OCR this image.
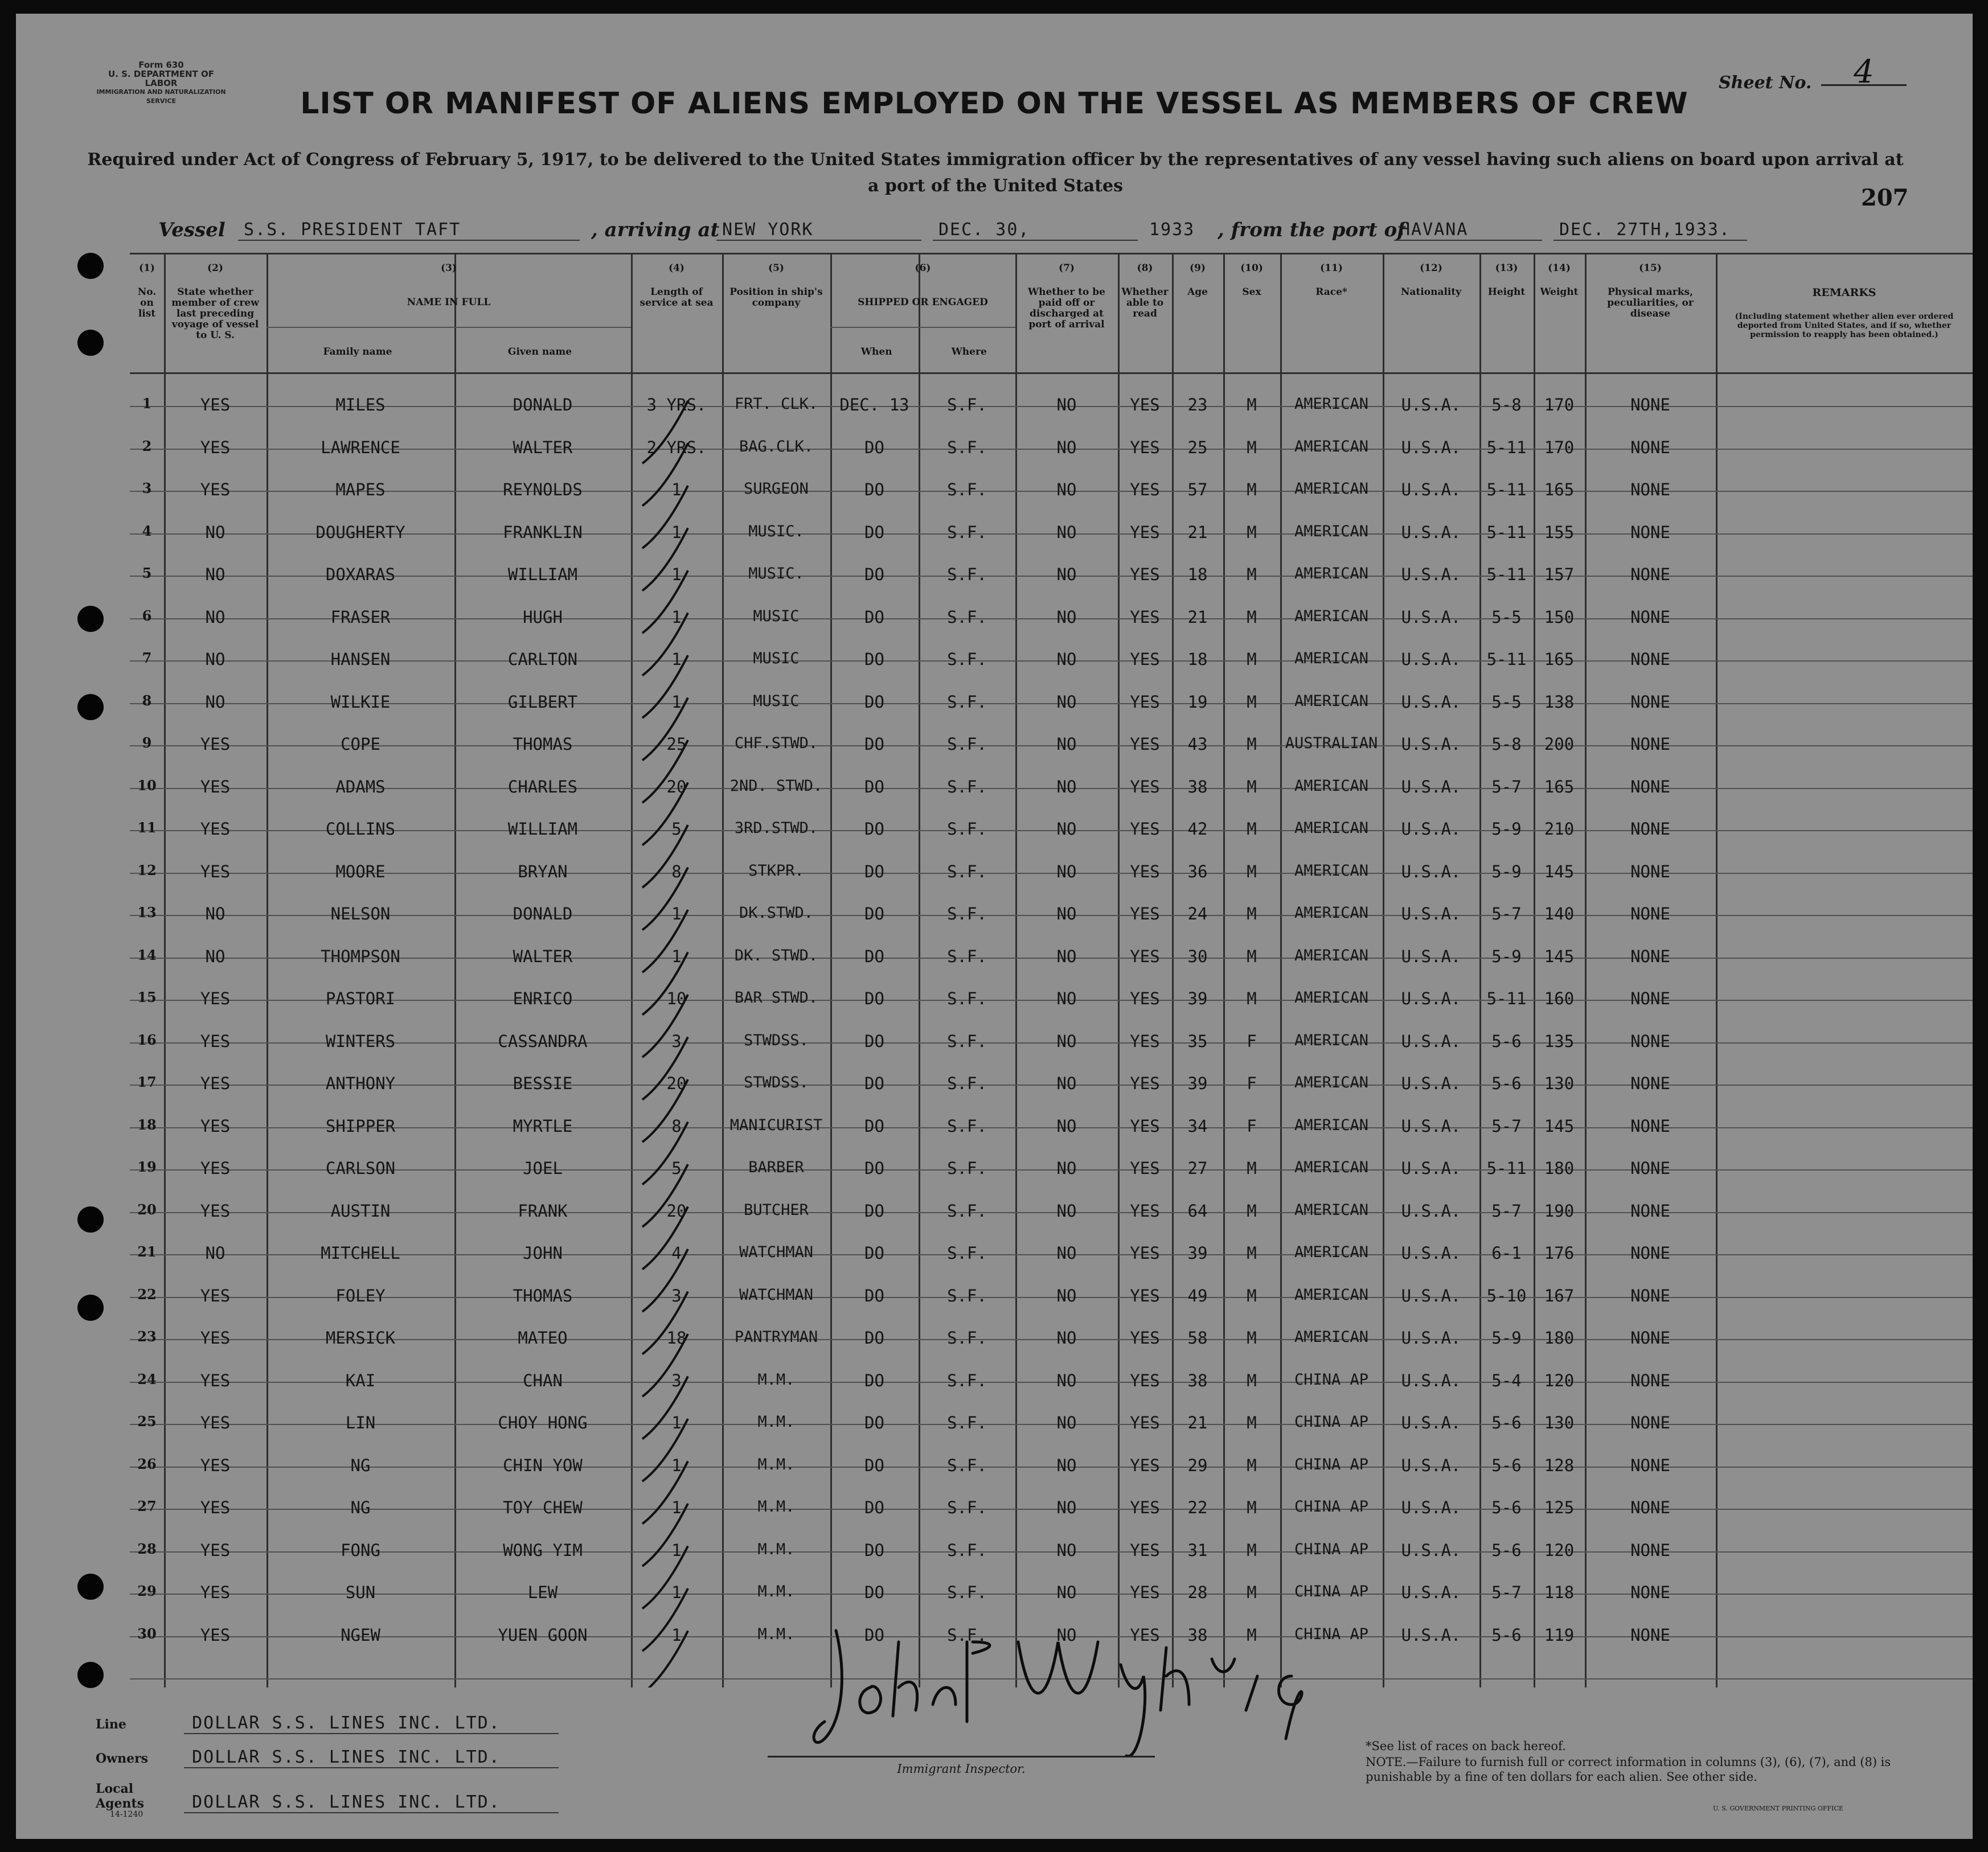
Form 630
U. S. DEPARTMENT OF LABOR
IMMIGRATION AND NATURALIZATION SERVICE
Sheet No.	4
LIST OR MANIFEST OF ALIENS EMPLOYED ON THE VESSEL AS MEMBERS OF CREW
Required under Act of Congress of February 5, 1917, to be delivered to the United States immigration officer by the representatives of any vessel having such aliens on board upon arrival at a port of the United States	207
Vessel	S.S. PRESIDENT TAFT	, arriving at NEW YORK	DEC. 30,	1933 , from the port of
HAVANA	DEC. 27TH,1933.
(1)
No. on list
(2)
State whether member of crew last preceding voyage of vessel to U. S.
(3)
NAME IN FULL
Family name	Given name
(4)
Length of service at sea
(5)
Position in ship's company
(6)
SHIPPED OR ENGAGED
When	Where
(7)
Whether to be paid off or discharged at port of arrival
(8)
Whether able to read
(9)
Age
(10)
Sex
(11)
Race*
(12)
Nationality
(13)
Height
(14)
Weight
(15)
Physical marks, peculiarities, or disease
REMARKS
(Including statement whether alien ever ordered deported from United States, and if so, whether permission to reapply has been obtained.)
1	YES	MILES	DONALD	3 YRS.	FRT. CLK.	DEC. 13	S.F.	NO	YES	23	M	AMERICAN	U.S.A.	5-8	170	NONE
2	YES	LAWRENCE	WALTER	2 YRS.	BAG.CLK.	DO	S.F.	NO	YES	25	M	AMERICAN	U.S.A.	5-11	170	NONE
3	YES	MAPES	REYNOLDS	1	SURGEON	DO	S.F.	NO	YES	57	M	AMERICAN	U.S.A.	5-11	165	NONE
4	NO	DOUGHERTY	FRANKLIN	1	MUSIC.	DO	S.F.	NO	YES	21	M	AMERICAN	U.S.A.	5-11	155	NONE
5	NO	DOXARAS	WILLIAM	1	MUSIC.	DO	S.F.	NO	YES	18	M	AMERICAN	U.S.A.	5-11	157	NONE
6	NO	FRASER	HUGH	1	MUSIC	DO	S.F.	NO	YES	21	M	AMERICAN	U.S.A.	5-5	150	NONE
7	NO	HANSEN	CARLTON	1	MUSIC	DO	S.F.	NO	YES	18	M	AMERICAN	U.S.A.	5-11	165	NONE
8	NO	WILKIE	GILBERT	1	MUSIC	DO	S.F.	NO	YES	19	M	AMERICAN	U.S.A.	5-5	138	NONE
9	YES	COPE	THOMAS	25	CHF.STWD.	DO	S.F.	NO	YES	43	M	AUSTRALIAN	U.S.A.	5-8	200	NONE
10	YES	ADAMS	CHARLES	20	2ND. STWD.	DO	S.F.	NO	YES	38	M	AMERICAN	U.S.A.	5-7	165	NONE
11	YES	COLLINS	WILLIAM	5	3RD.STWD.	DO	S.F.	NO	YES	42	M	AMERICAN	U.S.A.	5-9	210	NONE
12	YES	MOORE	BRYAN	8	STKPR.	DO	S.F.	NO	YES	36	M	AMERICAN	U.S.A.	5-9	145	NONE
13	NO	NELSON	DONALD	1	DK.STWD.	DO	S.F.	NO	YES	24	M	AMERICAN	U.S.A.	5-7	140	NONE
14	NO	THOMPSON	WALTER	1	DK. STWD.	DO	S.F.	NO	YES	30	M	AMERICAN	U.S.A.	5-9	145	NONE
15	YES	PASTORI	ENRICO	10	BAR STWD.	DO	S.F.	NO	YES	39	M	AMERICAN	U.S.A.	5-11	160	NONE
16	YES	WINTERS	CASSANDRA	3	STWDSS.	DO	S.F.	NO	YES	35	F	AMERICAN	U.S.A.	5-6	135	NONE
17	YES	ANTHONY	BESSIE	20	STWDSS.	DO	S.F.	NO	YES	39	F	AMERICAN	U.S.A.	5-6	130	NONE
18	YES	SHIPPER	MYRTLE	8	MANICURIST	DO	S.F.	NO	YES	34	F	AMERICAN	U.S.A.	5-7	145	NONE
19	YES	CARLSON	JOEL	5	BARBER	DO	S.F.	NO	YES	27	M	AMERICAN	U.S.A.	5-11	180	NONE
20	YES	AUSTIN	FRANK	20	BUTCHER	DO	S.F.	NO	YES	64	M	AMERICAN	U.S.A.	5-7	190	NONE
21	NO	MITCHELL	JOHN	4	WATCHMAN	DO	S.F.	NO	YES	39	M	AMERICAN	U.S.A.	6-1	176	NONE
22	YES	FOLEY	THOMAS	3	WATCHMAN	DO	S.F.	NO	YES	49	M	AMERICAN	U.S.A.	5-10	167	NONE
23	YES	MERSICK	MATEO	18	PANTRYMAN	DO	S.F.	NO	YES	58	M	AMERICAN	U.S.A.	5-9	180	NONE
24	YES	KAI	CHAN	3	M.M.	DO	S.F.	NO	YES	38	M	CHINA AP	U.S.A.	5-4	120	NONE
25	YES	LIN	CHOY HONG	1	M.M.	DO	S.F.	NO	YES	21	M	CHINA AP	U.S.A.	5-6	130	NONE
26	YES	NG	CHIN YOW	1	M.M.	DO	S.F.	NO	YES	29	M	CHINA AP	U.S.A.	5-6	128	NONE
27	YES	NG	TOY CHEW	1	M.M.	DO	S.F.	NO	YES	22	M	CHINA AP	U.S.A.	5-6	125	NONE
28	YES	FONG	WONG YIM	1	M.M.	DO	S.F.	NO	YES	31	M	CHINA AP	U.S.A.	5-6	120	NONE
29	YES	SUN	LEW	1	M.M.	DO	S.F.	NO	YES	28	M	CHINA AP	U.S.A.	5-7	118	NONE
30	YES	NGEW	YUEN GOON	1	M.M.	DO	S.F.	NO	YES	38	M	CHINA AP	U.S.A.	5-6	119	NONE
Line	DOLLAR S.S. LINES INC. LTD.
Owners	DOLLAR S.S. LINES INC. LTD.
Local Agents	DOLLAR S.S. LINES INC. LTD.
14-1240
Immigrant Inspector.
*See list of races on back hereof.
NOTE.—Failure to furnish full or correct information in columns (3), (6), (7), and (8) is punishable by a fine of ten dollars for each alien. See other side.
U. S. GOVERNMENT PRINTING OFFICE
